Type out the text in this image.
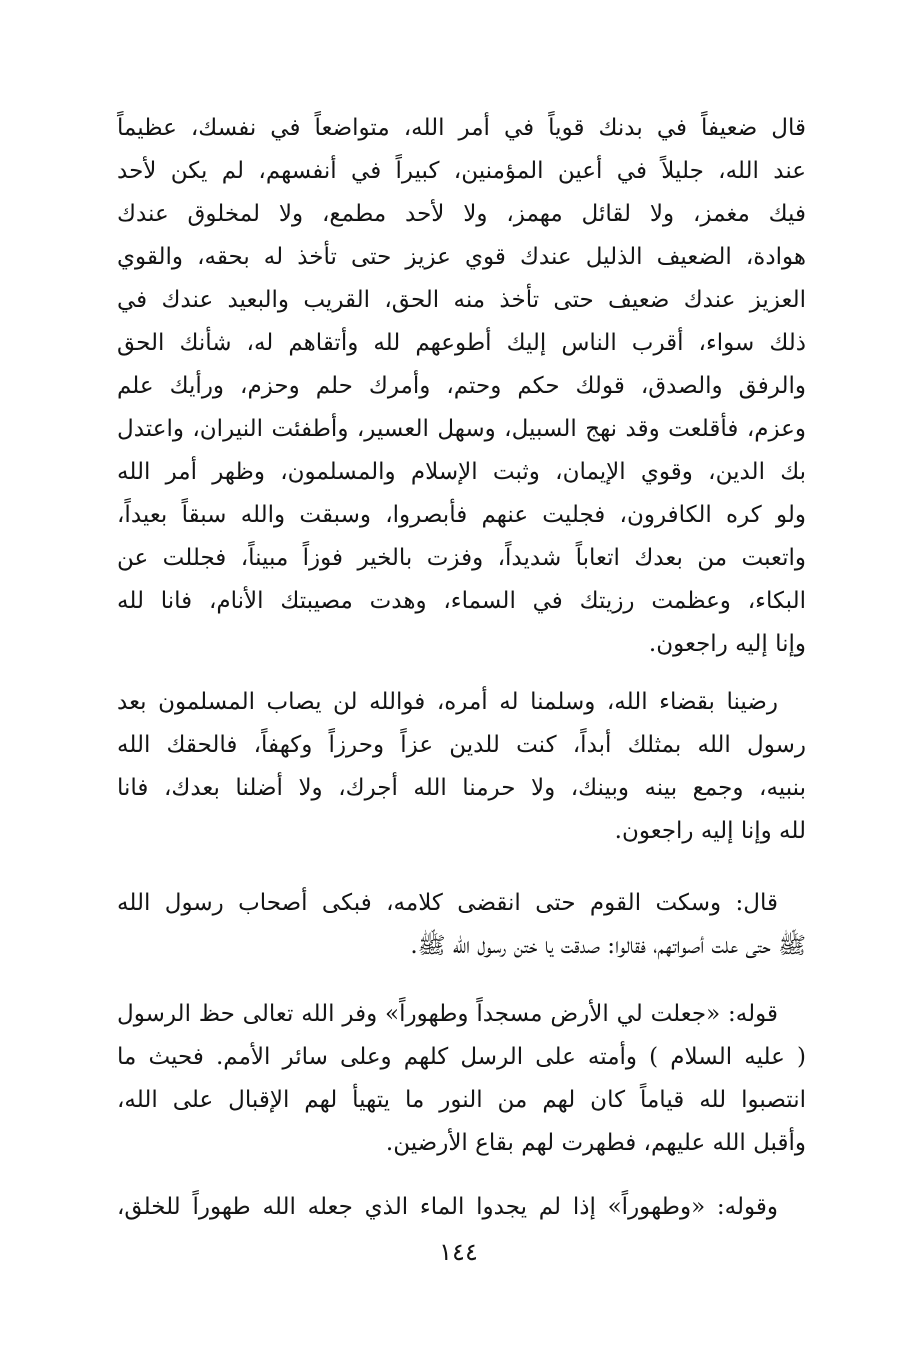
قال ضعيفاً في بدنك قوياً في أمر الله، متواضعاً في نفسك، عظيماً
عند الله، جليلاً في أعين المؤمنين، كبيراً في أنفسهم، لم يكن لأحد
فيك مغمز، ولا لقائل مهمز، ولا لأحد مطمع، ولا لمخلوق عندك
هوادة، الضعيف الذليل عندك قوي عزيز حتى تأخذ له بحقه، والقوي
العزيز عندك ضعيف حتى تأخذ منه الحق، القريب والبعيد عندك في
ذلك سواء، أقرب الناس إليك أطوعهم لله وأتقاهم له، شأنك الحق
والرفق والصدق، قولك حكم وحتم، وأمرك حلم وحزم، ورأيك علم
وعزم، فأقلعت وقد نهج السبيل، وسهل العسير، وأطفئت النيران، واعتدل
بك الدين، وقوي الإيمان، وثبت الإسلام والمسلمون، وظهر أمر الله
ولو كره الكافرون، فجليت عنهم فأبصروا، وسبقت والله سبقاً بعيداً،
واتعبت من بعدك اتعاباً شديداً، وفزت بالخير فوزاً مبيناً، فجللت عن
البكاء، وعظمت رزيتك في السماء، وهدت مصيبتك الأنام، فانا لله
وإنا إليه راجعون.
رضينا بقضاء الله، وسلمنا له أمره، فوالله لن يصاب المسلمون بعد
رسول الله بمثلك أبداً، كنت للدين عزاً وحرزاً وكهفاً، فالحقك الله
بنبيه، وجمع بينه وبينك، ولا حرمنا الله أجرك، ولا أضلنا بعدك، فانا
لله وإنا إليه راجعون.
قال: وسكت القوم حتى انقضى كلامه، فبكى أصحاب رسول الله
ﷺ حتى علت أصواتهم، فقالوا: صدقت يا ختن رسول الله ﷺ.
قوله: «جعلت لي الأرض مسجداً وطهوراً» وفر الله تعالى حظ الرسول
( عليه السلام ) وأمته على الرسل كلهم وعلى سائر الأمم. فحيث ما
انتصبوا لله قياماً كان لهم من النور ما يتهيأ لهم الإقبال على الله،
وأقبل الله عليهم، فطهرت لهم بقاع الأرضين.
وقوله: «وطهوراً» إذا لم يجدوا الماء الذي جعله الله طهوراً للخلق،
١٤٤
